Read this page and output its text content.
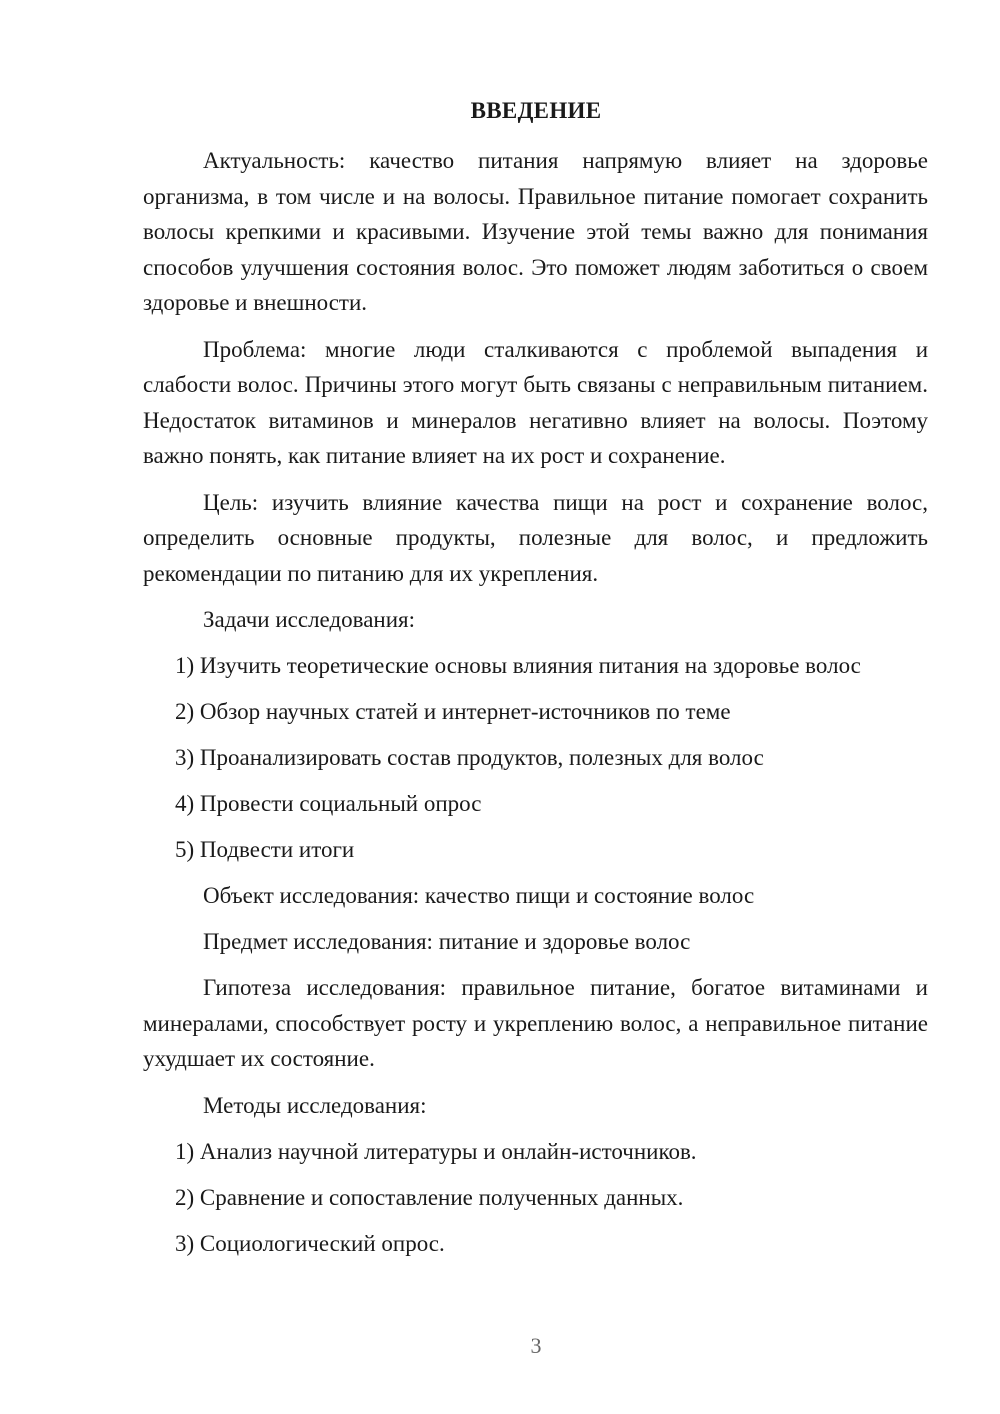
ВВЕДЕНИЕ

Актуальность: качество питания напрямую влияет на здоровье организма, в том числе и на волосы. Правильное питание помогает сохранить волосы крепкими и красивыми. Изучение этой темы важно для понимания способов улучшения состояния волос. Это поможет людям заботиться о своем здоровье и внешности.

Проблема: многие люди сталкиваются с проблемой выпадения и слабости волос. Причины этого могут быть связаны с неправильным питанием. Недостаток витаминов и минералов негативно влияет на волосы. Поэтому важно понять, как питание влияет на их рост и сохранение.

Цель: изучить влияние качества пищи на рост и сохранение волос, определить основные продукты, полезные для волос, и предложить рекомендации по питанию для их укрепления.

Задачи исследования:

1) Изучить теоретические основы влияния питания на здоровье волос

2) Обзор научных статей и интернет-источников по теме

3) Проанализировать состав продуктов, полезных для волос

4) Провести социальный опрос

5) Подвести итоги

Объект исследования: качество пищи и состояние волос

Предмет исследования: питание и здоровье волос

Гипотеза исследования: правильное питание, богатое витаминами и минералами, способствует росту и укреплению волос, а неправильное питание ухудшает их состояние.

Методы исследования:

1) Анализ научной литературы и онлайн-источников.

2) Сравнение и сопоставление полученных данных.

3) Социологический опрос.

3
